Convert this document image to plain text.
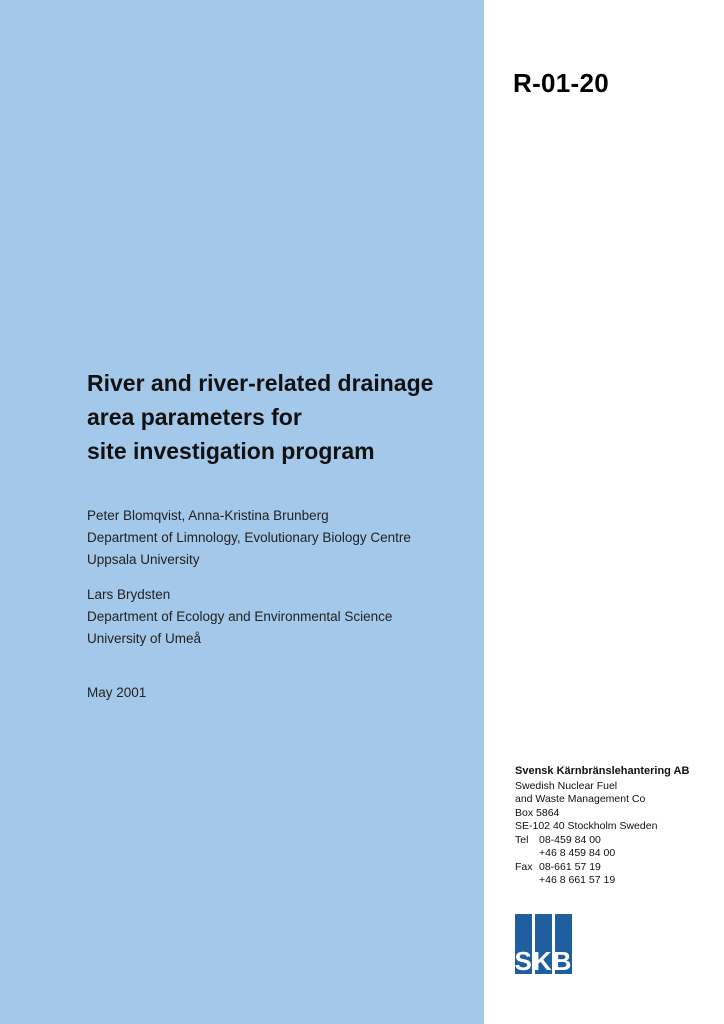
R-01-20
River and river-related drainage
area parameters for
site investigation program
Peter Blomqvist, Anna-Kristina Brunberg
Department of Limnology, Evolutionary Biology Centre
Uppsala University
Lars Brydsten
Department of Ecology and Environmental Science
University of Umeå
May 2001
Svensk Kärnbränslehantering AB
Swedish Nuclear Fuel
and Waste Management Co
Box 5864
SE-102 40 Stockholm Sweden
Tel	08-459 84 00
+46 8 459 84 00
Fax 08-661 57 19
+46 8 661 57 19
SKB
